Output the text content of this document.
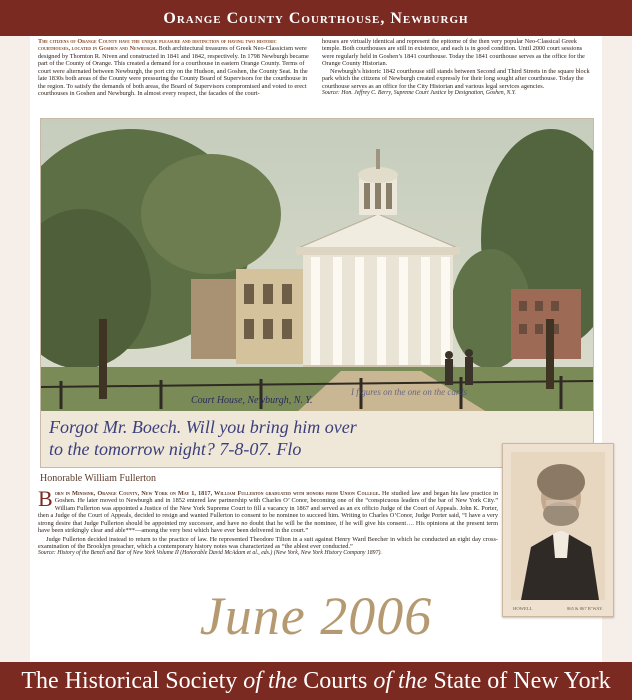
Orange County Courthouse, Newburgh
The citizens of Orange County have the unique pleasure and distinction of having two historic courthouses, located in Goshen and Newburgh. Both architectural treasures of Greek Neo-Classicism were designed by Thornton R. Niven and constructed in 1841 and 1842, respectively. In 1798 Newburgh became part of the County of Orange. This created a demand for a courthouse in eastern Orange County. Terms of court were alternated between Newburgh, the port city on the Hudson, and Goshen, the County Seat. In the late 1830s both areas of the County were pressuring the County Board of Supervisors for the courthouse in the region. To satisfy the demands of both areas, the Board of Supervisors compromised and voted to erect courthouses in Goshen and Newburgh. In almost every respect, the facades of the court-
houses are virtually identical and represent the epitome of the then very popular Neo-Classical Greek temple. Both courthouses are still in existence, and each is in good condition. Until 2000 court sessions were regularly held in Goshen’s 1841 courthouse. Today the 1841 courthouse serves as the office for the Orange County Historian.
Newburgh’s historic 1842 courthouse still stands between Second and Third Streets in the square block park which the citizens of Newburgh created expressly for their long sought after courthouse. Today the courthouse serves as an office for the City Historian and various legal services agencies.
Source: Hon. Jeffrey C. Berry, Supreme Court Justice by Designation, Goshen, N.Y.
Court House, Newburgh, N. Y.
I figures on the one on the cards
Forgot Mr. Boech. Will you bring him over
to the tomorrow night? 7-8-07. Flo
Honorable William Fullerton
B orn in Minisink, Orange County, New York on May 1, 1817, William Fullerton graduated with honors from Union College. He studied law and began his law practice in Goshen. He later moved to Newburgh and in 1852 entered law partnership with Charles O’ Conor, becoming one of the “conspicuous leaders of the bar of New York City.” William Fullerton was appointed a Justice of the New York Supreme Court to fill a vacancy in 1867 and served as an ex officio Judge of the Court of Appeals. John K. Porter, then a Judge of the Court of Appeals, decided to resign and wanted Fullerton to consent to be nominee to succeed him. Writing to Charles O’Conor, Judge Porter said, “I have a very strong desire that Judge Fullerton should be appointed my successor, and have no doubt that he will be the nominee, if he will give his consent…. His opinions at the present term have been strikingly clear and able***—among the very best which have ever been delivered in the court.”
Judge Fullerton decided instead to return to the practice of law. He represented Theodore Tilton in a suit against Henry Ward Beecher in which he conducted an eight day cross-examination of the Brooklyn preacher, which a contemporary history notes was characterized as “the ablest ever conducted.”
Source: History of the Bench and Bar of New York Volume II (Honorable David McAdam et al., eds.) (New York, New York History Company 1897).
HOWELL	865 & 867 B’WAY.
June 2006
The Historical Society of the Courts of the State of New York
